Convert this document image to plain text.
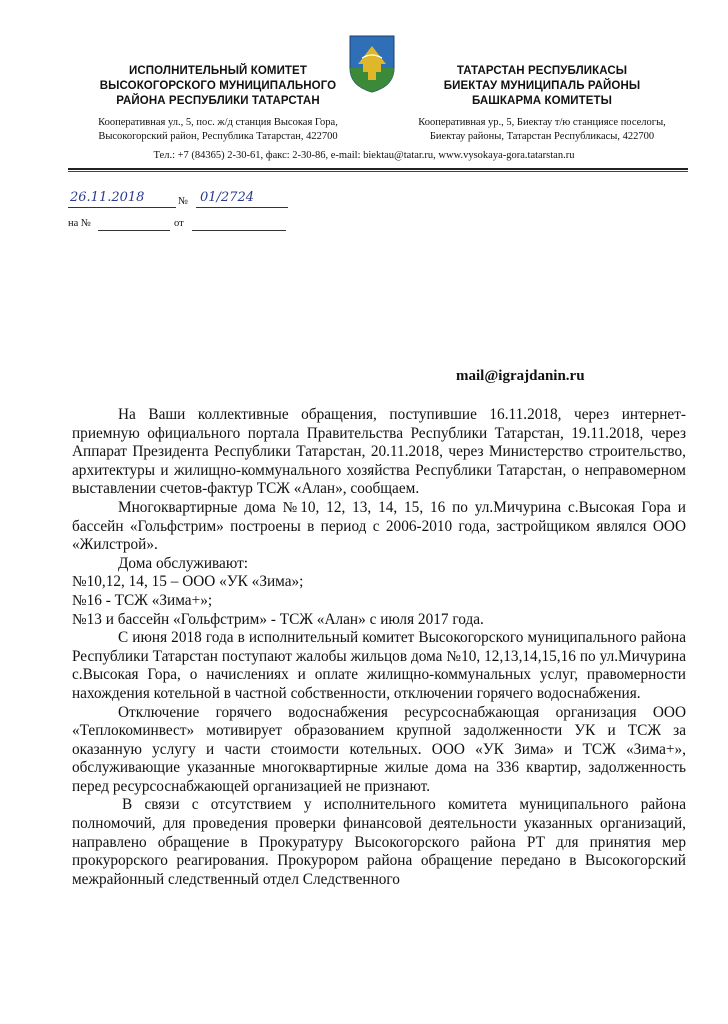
ИСПОЛНИТЕЛЬНЫЙ КОМИТЕТ
ВЫСОКОГОРСКОГО МУНИЦИПАЛЬНОГО
РАЙОНА РЕСПУБЛИКИ ТАТАРСТАН
Кооперативная ул., 5, пос. ж/д станция Высокая Гора,
Высокогорский район, Республика Татарстан, 422700
ТАТАРСТАН РЕСПУБЛИКАСЫ
БИЕКТАУ МУНИЦИПАЛЬ РАЙОНЫ
БАШКАРМА КОМИТЕТЫ
Кооперативная ур., 5, Биектау т/ю станциясе поселогы,
Биектау районы, Татарстан Республикасы, 422700
Тел.: +7 (84365) 2-30-61, факс: 2-30-86, e-mail: biektau@tatar.ru, www.vysokaya-gora.tatarstan.ru
26.11.2018	№ 01/2724
на №	от
mail@igrajdanin.ru

На Ваши коллективные обращения, поступившие 16.11.2018, через интернет-приемную официального портала Правительства Республики Татарстан, 19.11.2018, через Аппарат Президента Республики Татарстан, 20.11.2018, через Министерство строительство, архитектуры и жилищно-коммунального хозяйства Республики Татарстан, о неправомерном выставлении счетов-фактур ТСЖ «Алан», сообщаем.

Многоквартирные дома №10, 12, 13, 14, 15, 16 по ул.Мичурина с.Высокая Гора и бассейн «Гольфстрим» построены в период с 2006-2010 года, застройщиком являлся ООО «Жилстрой».

Дома обслуживают:

№10,12, 14, 15 – ООО «УК «Зима»;

№16 - ТСЖ «Зима+»;

№13 и бассейн «Гольфстрим» - ТСЖ «Алан» с июля 2017 года.

С июня 2018 года в исполнительный комитет Высокогорского муниципального района Республики Татарстан поступают жалобы жильцов дома №10, 12,13,14,15,16 по ул.Мичурина с.Высокая Гора, о начислениях и оплате жилищно-коммунальных услуг, правомерности нахождения котельной в частной собственности, отключении горячего водоснабжения.

Отключение горячего водоснабжения ресурсоснабжающая организация ООО «Теплокоминвест» мотивирует образованием крупной задолженности УК и ТСЖ за оказанную услугу и части стоимости котельных. ООО «УК Зима» и ТСЖ «Зима+», обслуживающие указанные многоквартирные жилые дома на 336 квартир, задолженность перед ресурсоснабжающей организацией не признают.

В связи с отсутствием у исполнительного комитета муниципального района полномочий, для проведения проверки финансовой деятельности указанных организаций, направлено обращение в Прокуратуру Высокогорского района РТ для принятия мер прокурорского реагирования. Прокурором района обращение передано в Высокогорский межрайонный следственный отдел Следственного
